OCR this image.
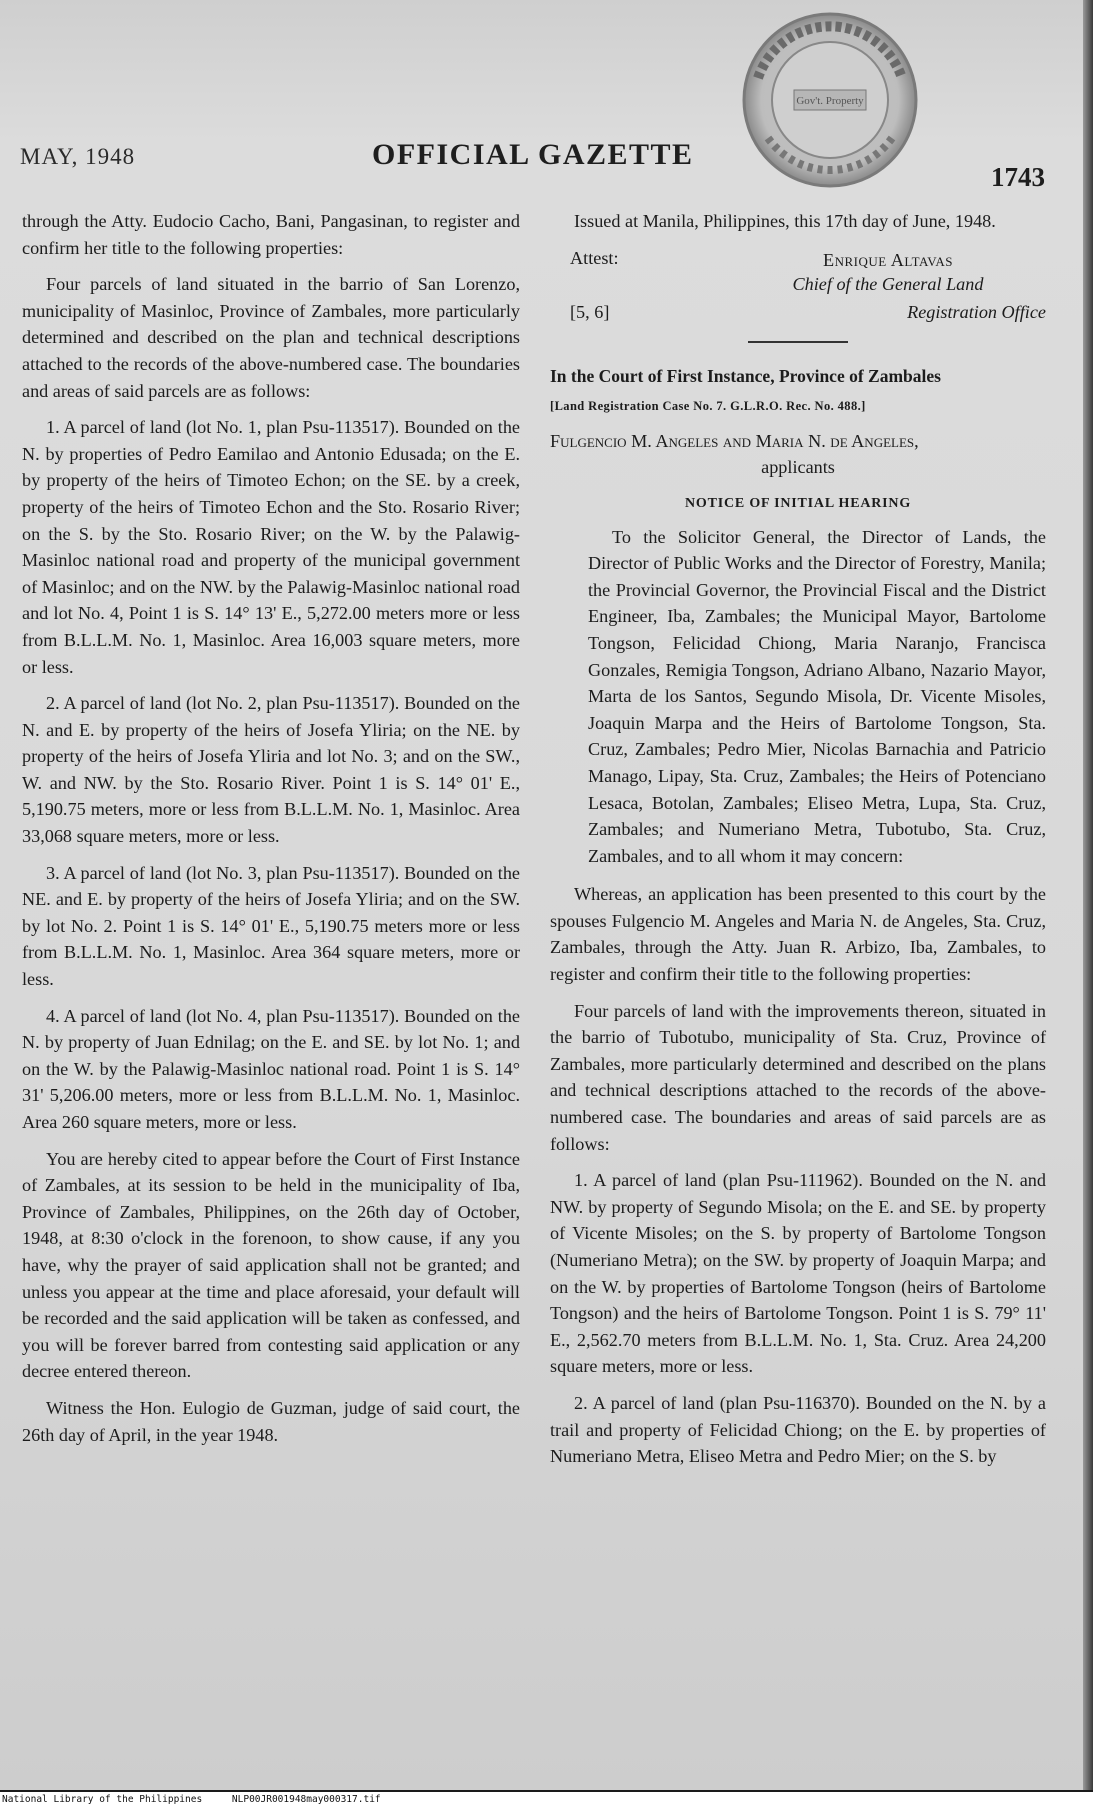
MAY, 1948	OFFICIAL GAZETTE
1743
Gov't. Property

through the Atty. Eudocio Cacho, Bani, Pangasinan, to register and confirm her title to the following properties:

Four parcels of land situated in the barrio of San Lorenzo, municipality of Masinloc, Province of Zambales, more particularly determined and described on the plan and technical descriptions attached to the records of the above-numbered case. The boundaries and areas of said parcels are as follows:

1. A parcel of land (lot No. 1, plan Psu-113517). Bounded on the N. by properties of Pedro Eamilao and Antonio Edusada; on the E. by property of the heirs of Timoteo Echon; on the SE. by a creek, property of the heirs of Timoteo Echon and the Sto. Rosario River; on the S. by the Sto. Rosario River; on the W. by the Palawig-Masinloc national road and property of the municipal government of Masinloc; and on the NW. by the Palawig-Masinloc national road and lot No. 4, Point 1 is S. 14° 13' E., 5,272.00 meters more or less from B.L.L.M. No. 1, Masinloc. Area 16,003 square meters, more or less.

2. A parcel of land (lot No. 2, plan Psu-113517). Bounded on the N. and E. by property of the heirs of Josefa Yliria; on the NE. by property of the heirs of Josefa Yliria and lot No. 3; and on the SW., W. and NW. by the Sto. Rosario River. Point 1 is S. 14° 01' E., 5,190.75 meters, more or less from B.L.L.M. No. 1, Masinloc. Area 33,068 square meters, more or less.

3. A parcel of land (lot No. 3, plan Psu-113517). Bounded on the NE. and E. by property of the heirs of Josefa Yliria; and on the SW. by lot No. 2. Point 1 is S. 14° 01' E., 5,190.75 meters more or less from B.L.L.M. No. 1, Masinloc. Area 364 square meters, more or less.

4. A parcel of land (lot No. 4, plan Psu-113517). Bounded on the N. by property of Juan Ednilag; on the E. and SE. by lot No. 1; and on the W. by the Palawig-Masinloc national road. Point 1 is S. 14° 31' 5,206.00 meters, more or less from B.L.L.M. No. 1, Masinloc. Area 260 square meters, more or less.

You are hereby cited to appear before the Court of First Instance of Zambales, at its session to be held in the municipality of Iba, Province of Zambales, Philippines, on the 26th day of October, 1948, at 8:30 o'clock in the forenoon, to show cause, if any you have, why the prayer of said application shall not be granted; and unless you appear at the time and place aforesaid, your default will be recorded and the said application will be taken as confessed, and you will be forever barred from contesting said application or any decree entered thereon.

Witness the Hon. Eulogio de Guzman, judge of said court, the 26th day of April, in the year 1948.

Issued at Manila, Philippines, this 17th day of June, 1948.

Attest:	Enrique Altavas
Chief of the General Land
[5, 6]	Registration Office
In the Court of First Instance, Province of Zambales
[Land Registration Case No. 7. G.L.R.O. Rec. No. 488.]
Fulgencio M. Angeles and Maria N. de Angeles,
applicants
NOTICE OF INITIAL HEARING

To the Solicitor General, the Director of Lands, the Director of Public Works and the Director of Forestry, Manila; the Provincial Governor, the Provincial Fiscal and the District Engineer, Iba, Zambales; the Municipal Mayor, Bartolome Tongson, Felicidad Chiong, Maria Naranjo, Francisca Gonzales, Remigia Tongson, Adriano Albano, Nazario Mayor, Marta de los Santos, Segundo Misola, Dr. Vicente Misoles, Joaquin Marpa and the Heirs of Bartolome Tongson, Sta. Cruz, Zambales; Pedro Mier, Nicolas Barnachia and Patricio Manago, Lipay, Sta. Cruz, Zambales; the Heirs of Potenciano Lesaca, Botolan, Zambales; Eliseo Metra, Lupa, Sta. Cruz, Zambales; and Numeriano Metra, Tubotubo, Sta. Cruz, Zambales, and to all whom it may concern:

Whereas, an application has been presented to this court by the spouses Fulgencio M. Angeles and Maria N. de Angeles, Sta. Cruz, Zambales, through the Atty. Juan R. Arbizo, Iba, Zambales, to register and confirm their title to the following properties:

Four parcels of land with the improvements thereon, situated in the barrio of Tubotubo, municipality of Sta. Cruz, Province of Zambales, more particularly determined and described on the plans and technical descriptions attached to the records of the above-numbered case. The boundaries and areas of said parcels are as follows:

1. A parcel of land (plan Psu-111962). Bounded on the N. and NW. by property of Segundo Misola; on the E. and SE. by property of Vicente Misoles; on the S. by property of Bartolome Tongson (Numeriano Metra); on the SW. by property of Joaquin Marpa; and on the W. by properties of Bartolome Tongson (heirs of Bartolome Tongson) and the heirs of Bartolome Tongson. Point 1 is S. 79° 11' E., 2,562.70 meters from B.L.L.M. No. 1, Sta. Cruz. Area 24,200 square meters, more or less.

2. A parcel of land (plan Psu-116370). Bounded on the N. by a trail and property of Felicidad Chiong; on the E. by properties of Numeriano Metra, Eliseo Metra and Pedro Mier; on the S. by

National Library of the Philippines	NLP00JR001948may000317.tif
